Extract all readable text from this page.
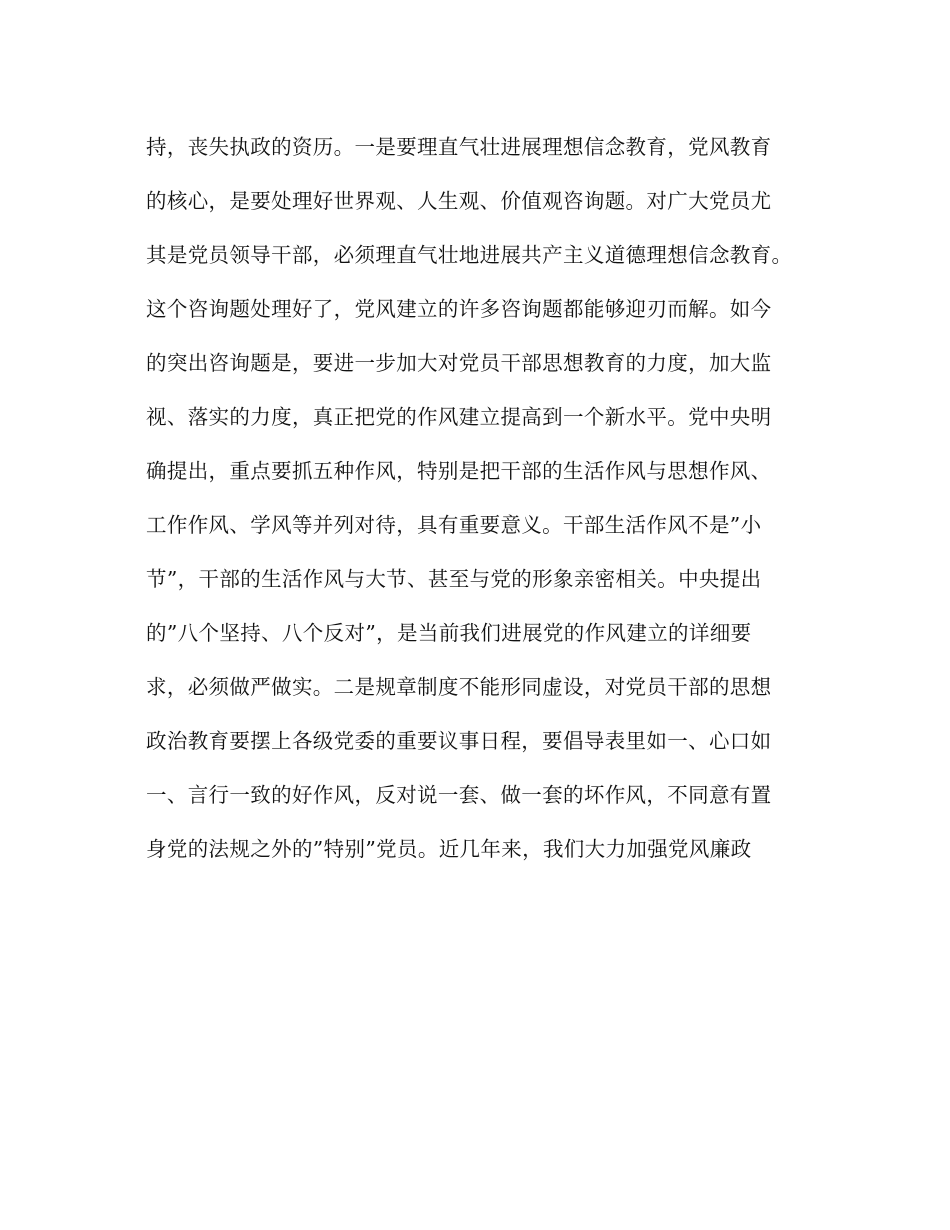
持，丧失执政的资历。一是要理直气壮进展理想信念教育，党风教育
的核心，是要处理好世界观、人生观、价值观咨询题。对广大党员尤
其是党员领导干部，必须理直气壮地进展共产主义道德理想信念教育。
这个咨询题处理好了，党风建立的许多咨询题都能够迎刃而解。如今
的突出咨询题是，要进一步加大对党员干部思想教育的力度，加大监
视、落实的力度，真正把党的作风建立提高到一个新水平。党中央明
确提出，重点要抓五种作风，特别是把干部的生活作风与思想作风、
工作作风、学风等并列对待，具有重要意义。干部生活作风不是”小
节”，干部的生活作风与大节、甚至与党的形象亲密相关。中央提出
的”八个坚持、八个反对”，是当前我们进展党的作风建立的详细要
求，必须做严做实。二是规章制度不能形同虚设，对党员干部的思想
政治教育要摆上各级党委的重要议事日程，要倡导表里如一、心口如
一、言行一致的好作风，反对说一套、做一套的坏作风，不同意有置
身党的法规之外的”特别”党员。近几年来，我们大力加强党风廉政
